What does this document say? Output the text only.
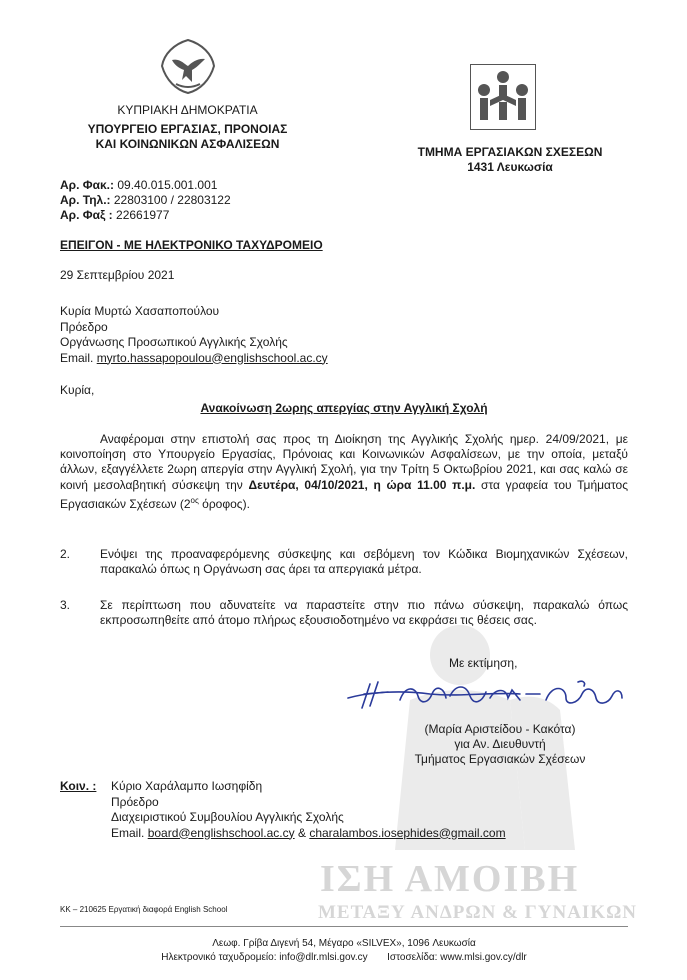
ΙΣΗ ΑΜΟΙΒΗ
ΜΕΤΑΞΥ ΑΝΔΡΩΝ & ΓΥΝΑΙΚΩΝ
ΚΥΠΡΙΑΚΗ ΔΗΜΟΚΡΑΤΙΑ
ΥΠΟΥΡΓΕΙΟ ΕΡΓΑΣΙΑΣ, ΠΡΟΝΟΙΑΣ
ΚΑΙ ΚΟΙΝΩΝΙΚΩΝ ΑΣΦΑΛΙΣΕΩΝ
ΤΜΗΜΑ ΕΡΓΑΣΙΑΚΩΝ ΣΧΕΣΕΩΝ
1431 Λευκωσία
Αρ. Φακ.: 09.40.015.001.001
Αρ. Τηλ.: 22803100 / 22803122
Αρ. Φαξ : 22661977
ΕΠΕΙΓΟΝ - ΜΕ ΗΛΕΚΤΡΟΝΙΚΟ ΤΑΧΥΔΡΟΜΕΙΟ
29 Σεπτεμβρίου 2021
Κυρία Μυρτώ Χασαποπούλου
Πρόεδρο
Οργάνωσης Προσωπικού Αγγλικής Σχολής
Email. myrto.hassapopoulou@englishschool.ac.cy
Κυρία,
Ανακοίνωση 2ωρης απεργίας στην Αγγλική Σχολή
Αναφέρομαι στην επιστολή σας προς τη Διοίκηση της Αγγλικής Σχολής ημερ. 24/09/2021, με κοινοποίηση στο Υπουργείο Εργασίας, Πρόνοιας και Κοινωνικών Ασφαλίσεων, με την οποία, μεταξύ άλλων, εξαγγέλλετε 2ωρη απεργία στην Αγγλική Σχολή, για την Τρίτη 5 Οκτωβρίου 2021, και σας καλώ σε κοινή μεσολαβητική σύσκεψη την Δευτέρα, 04/10/2021, η ώρα 11.00 π.μ. στα γραφεία του Τμήματος Εργασιακών Σχέσεων ($2^{o\varsigma}$ όροφος).
2. Ενόψει της προαναφερόμενης σύσκεψης και σεβόμενη τον Κώδικα Βιομηχανικών Σχέσεων, παρακαλώ όπως η Οργάνωση σας άρει τα απεργιακά μέτρα.
3. Σε περίπτωση που αδυνατείτε να παραστείτε στην πιο πάνω σύσκεψη, παρακαλώ όπως εκπροσωπηθείτε από άτομο πλήρως εξουσιοδοτημένο να εκφράσει τις θέσεις σας.
Με εκτίμηση,
(Μαρία Αριστείδου - Κακότα)
για Αν. Διευθυντή
Τμήματος Εργασιακών Σχέσεων
Κοιν. : Κύριο Χαράλαμπο Ιωσηφίδη
Πρόεδρο
Διαχειριστικού Συμβουλίου Αγγλικής Σχολής
Email. board@englishschool.ac.cy & charalambos.iosephides@gmail.com
ΚΚ – 210625 Εργατική διαφορά English School
Λεωφ. Γρίβα Διγενή 54, Μέγαρο «SILVEX», 1096 Λευκωσία
Ηλεκτρονικό ταχυδρομείο: info@dlr.mlsi.gov.cy Ιστοσελίδα: www.mlsi.gov.cy/dlr
